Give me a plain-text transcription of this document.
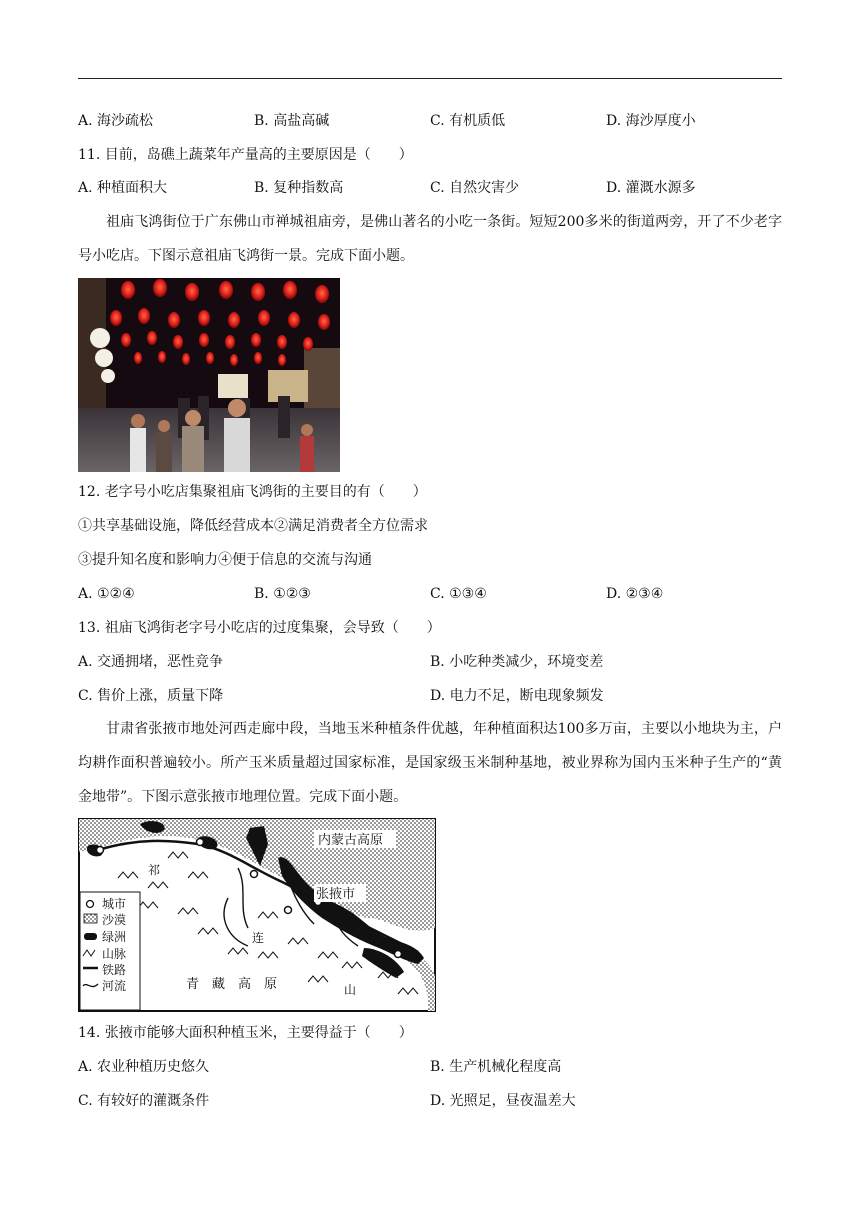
A. 海沙疏松	B. 高盐高碱	C. 有机质低	D. 海沙厚度小
11. 目前，岛礁上蔬菜年产量高的主要原因是（　　）
A. 种植面积大	B. 复种指数高	C. 自然灾害少	D. 灌溉水源多
祖庙飞鸿街位于广东佛山市禅城祖庙旁，是佛山著名的小吃一条街。短短200多米的街道两旁，开了不少老字号小吃店。下图示意祖庙飞鸿街一景。完成下面小题。
12. 老字号小吃店集聚祖庙飞鸿街的主要目的有（　　）
①共享基础设施，降低经营成本②满足消费者全方位需求
③提升知名度和影响力④便于信息的交流与沟通
A. ①②④	B. ①②③	C. ①③④	D. ②③④
13. 祖庙飞鸿街老字号小吃店的过度集聚，会导致（　　）
A. 交通拥堵，恶性竞争	B. 小吃种类减少，环境变差
C. 售价上涨，质量下降	D. 电力不足，断电现象频发
甘肃省张掖市地处河西走廊中段，当地玉米种植条件优越，年种植面积达100多万亩，主要以小地块为主，户均耕作面积普遍较小。所产玉米质量超过国家标准，是国家级玉米制种基地，被业界称为国内玉米种子生产的“黄金地带”。下图示意张掖市地理位置。完成下面小题。
内蒙古高原
张掖市
祁
连
山
青　藏　高　原
城市
沙漠
绿洲
山脉
铁路
河流
14. 张掖市能够大面积种植玉米，主要得益于（　　）
A. 农业种植历史悠久	B. 生产机械化程度高
C. 有较好的灌溉条件	D. 光照足，昼夜温差大
